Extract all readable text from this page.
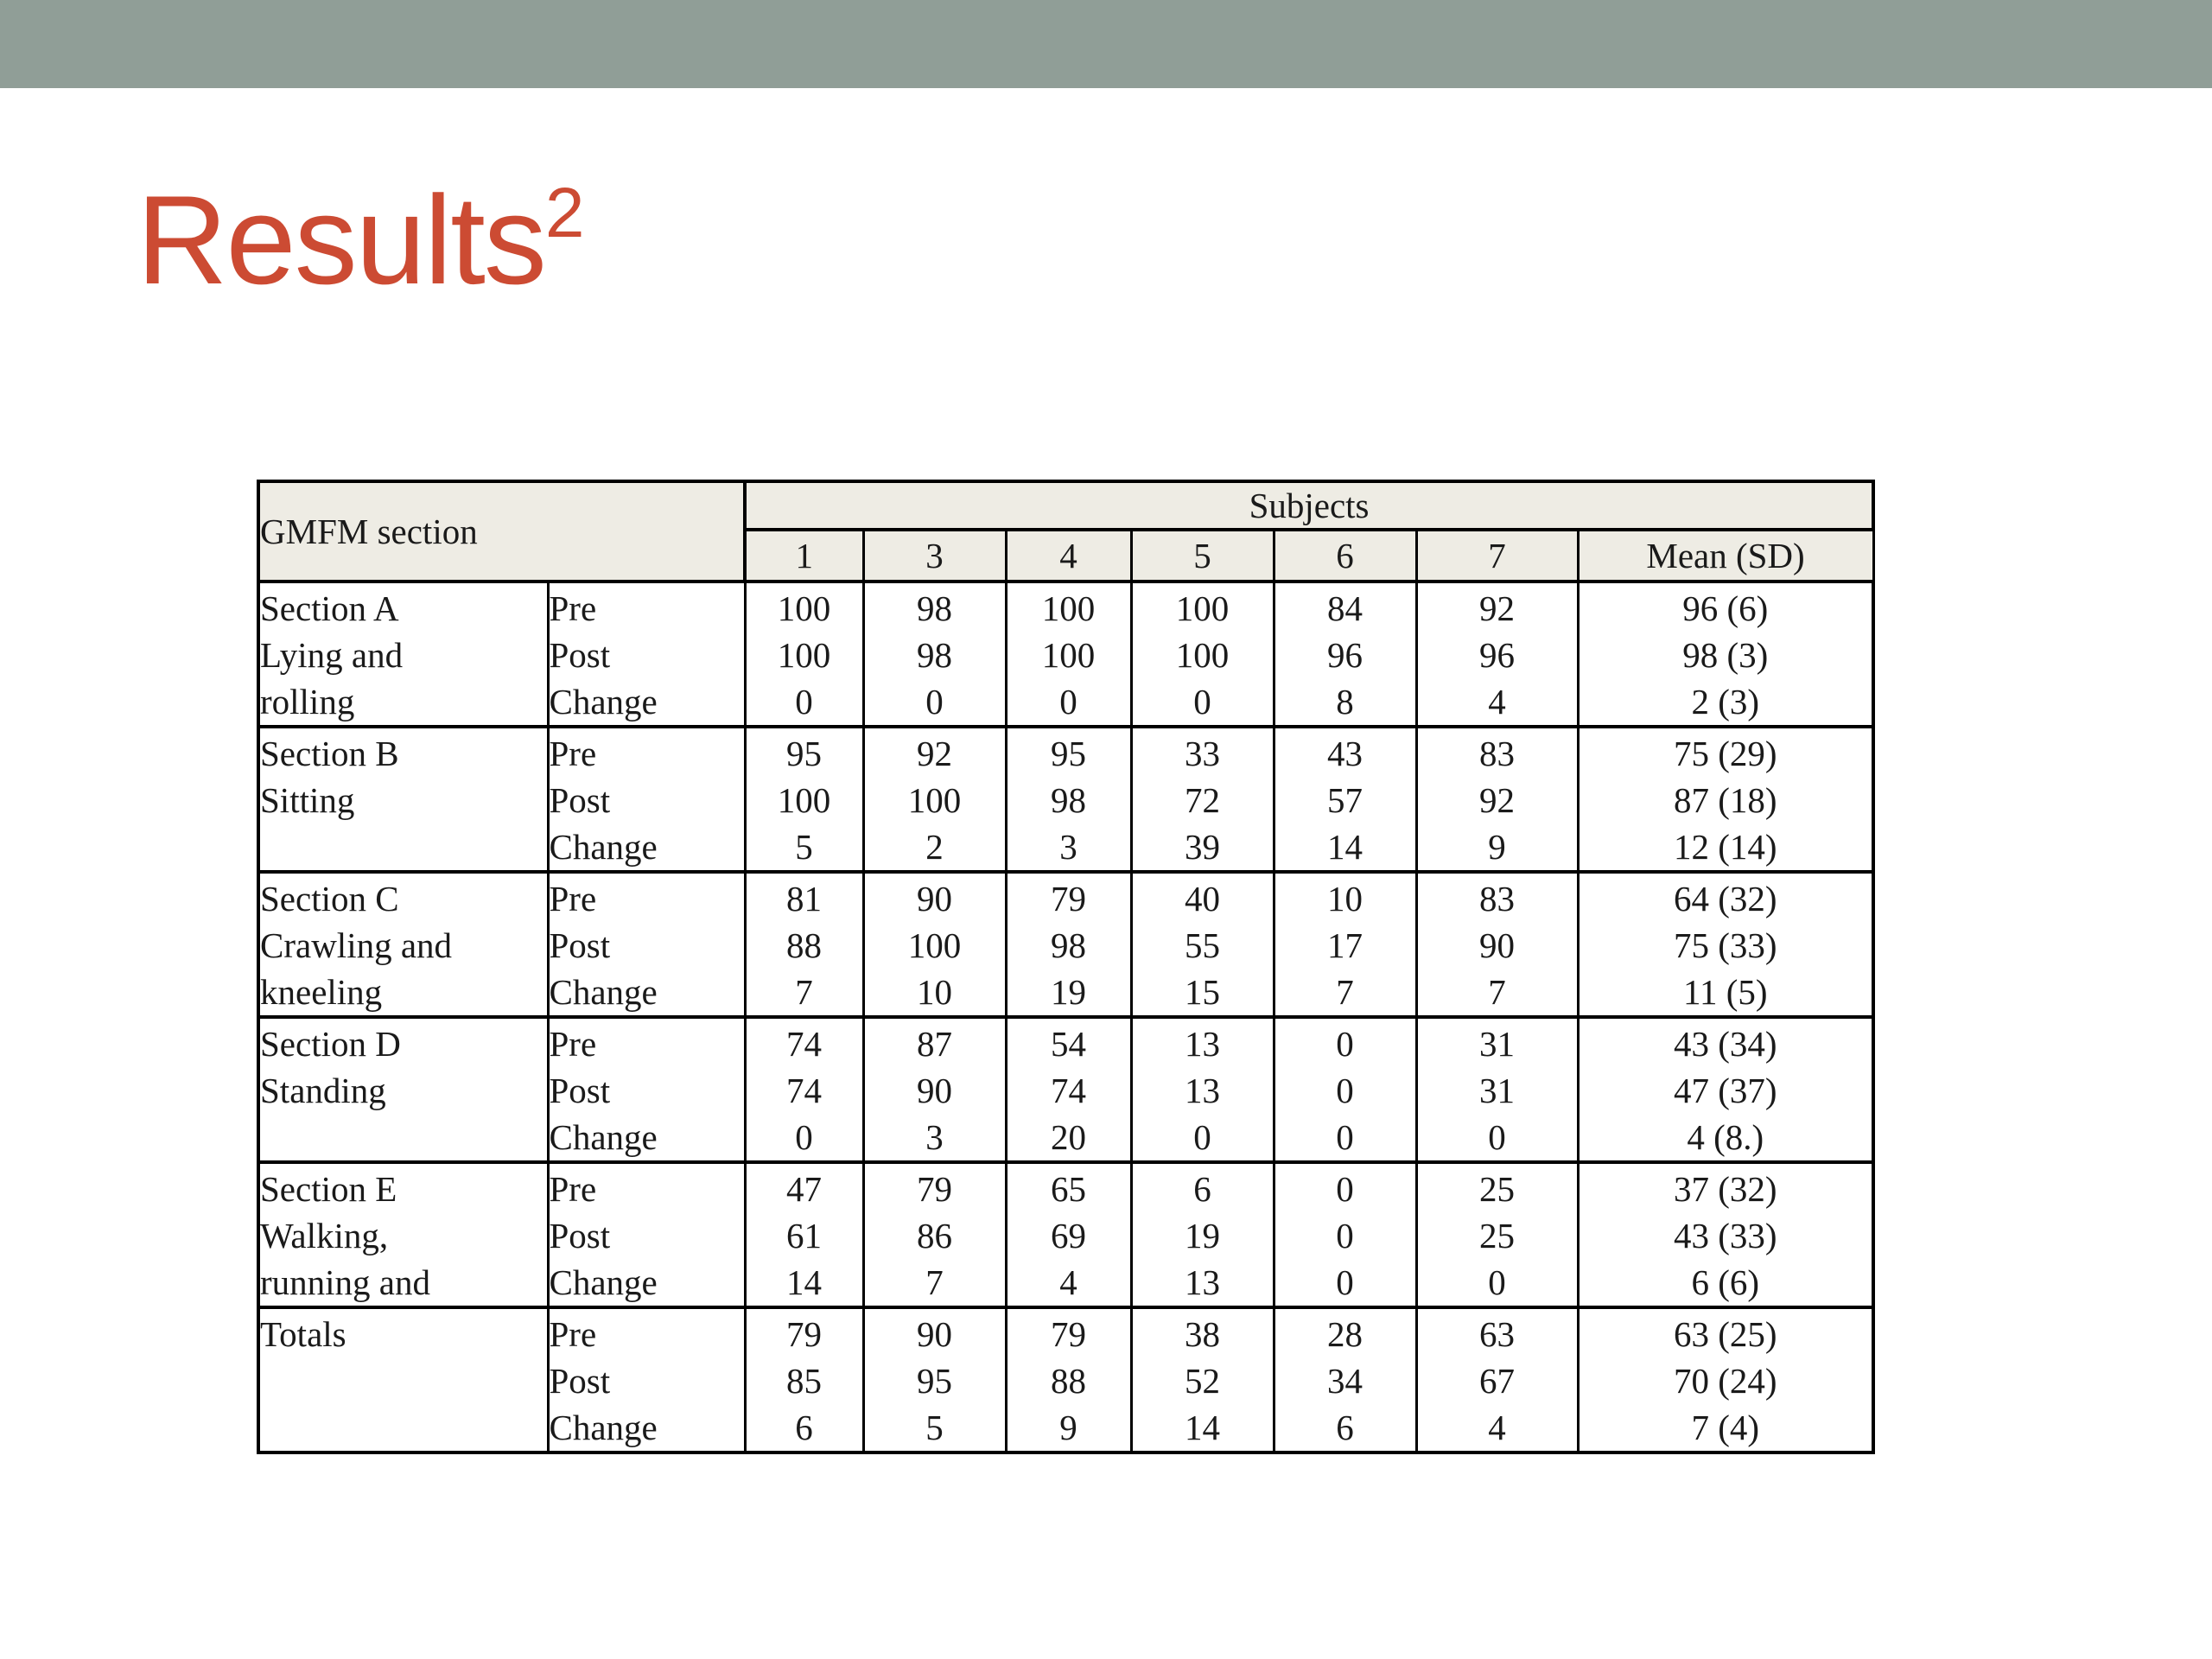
Results$^2$
GMFM section		Subjects						
		1	3	4	5	6	7	Mean (SD)
Section A	Pre	100	98	100	100	84	92	96 (6)
Lying and	Post	100	98	100	100	96	96	98 (3)
rolling	Change	0	0	0	0	8	4	2 (3)
Section B	Pre	95	92	95	33	43	83	75 (29)
Sitting	Post	100	100	98	72	57	92	87 (18)
	Change	5	2	3	39	14	9	12 (14)
Section C	Pre	81	90	79	40	10	83	64 (32)
Crawling and	Post	88	100	98	55	17	90	75 (33)
kneeling	Change	7	10	19	15	7	7	11 (5)
Section D	Pre	74	87	54	13	0	31	43 (34)
Standing	Post	74	90	74	13	0	31	47 (37)
	Change	0	3	20	0	0	0	4 (8.)
Section E	Pre	47	79	65	6	0	25	37 (32)
Walking,	Post	61	86	69	19	0	25	43 (33)
running and	Change	14	7	4	13	0	0	6 (6)
Totals	Pre	79	90	79	38	28	63	63 (25)
	Post	85	95	88	52	34	67	70 (24)
	Change	6	5	9	14	6	4	7 (4)
